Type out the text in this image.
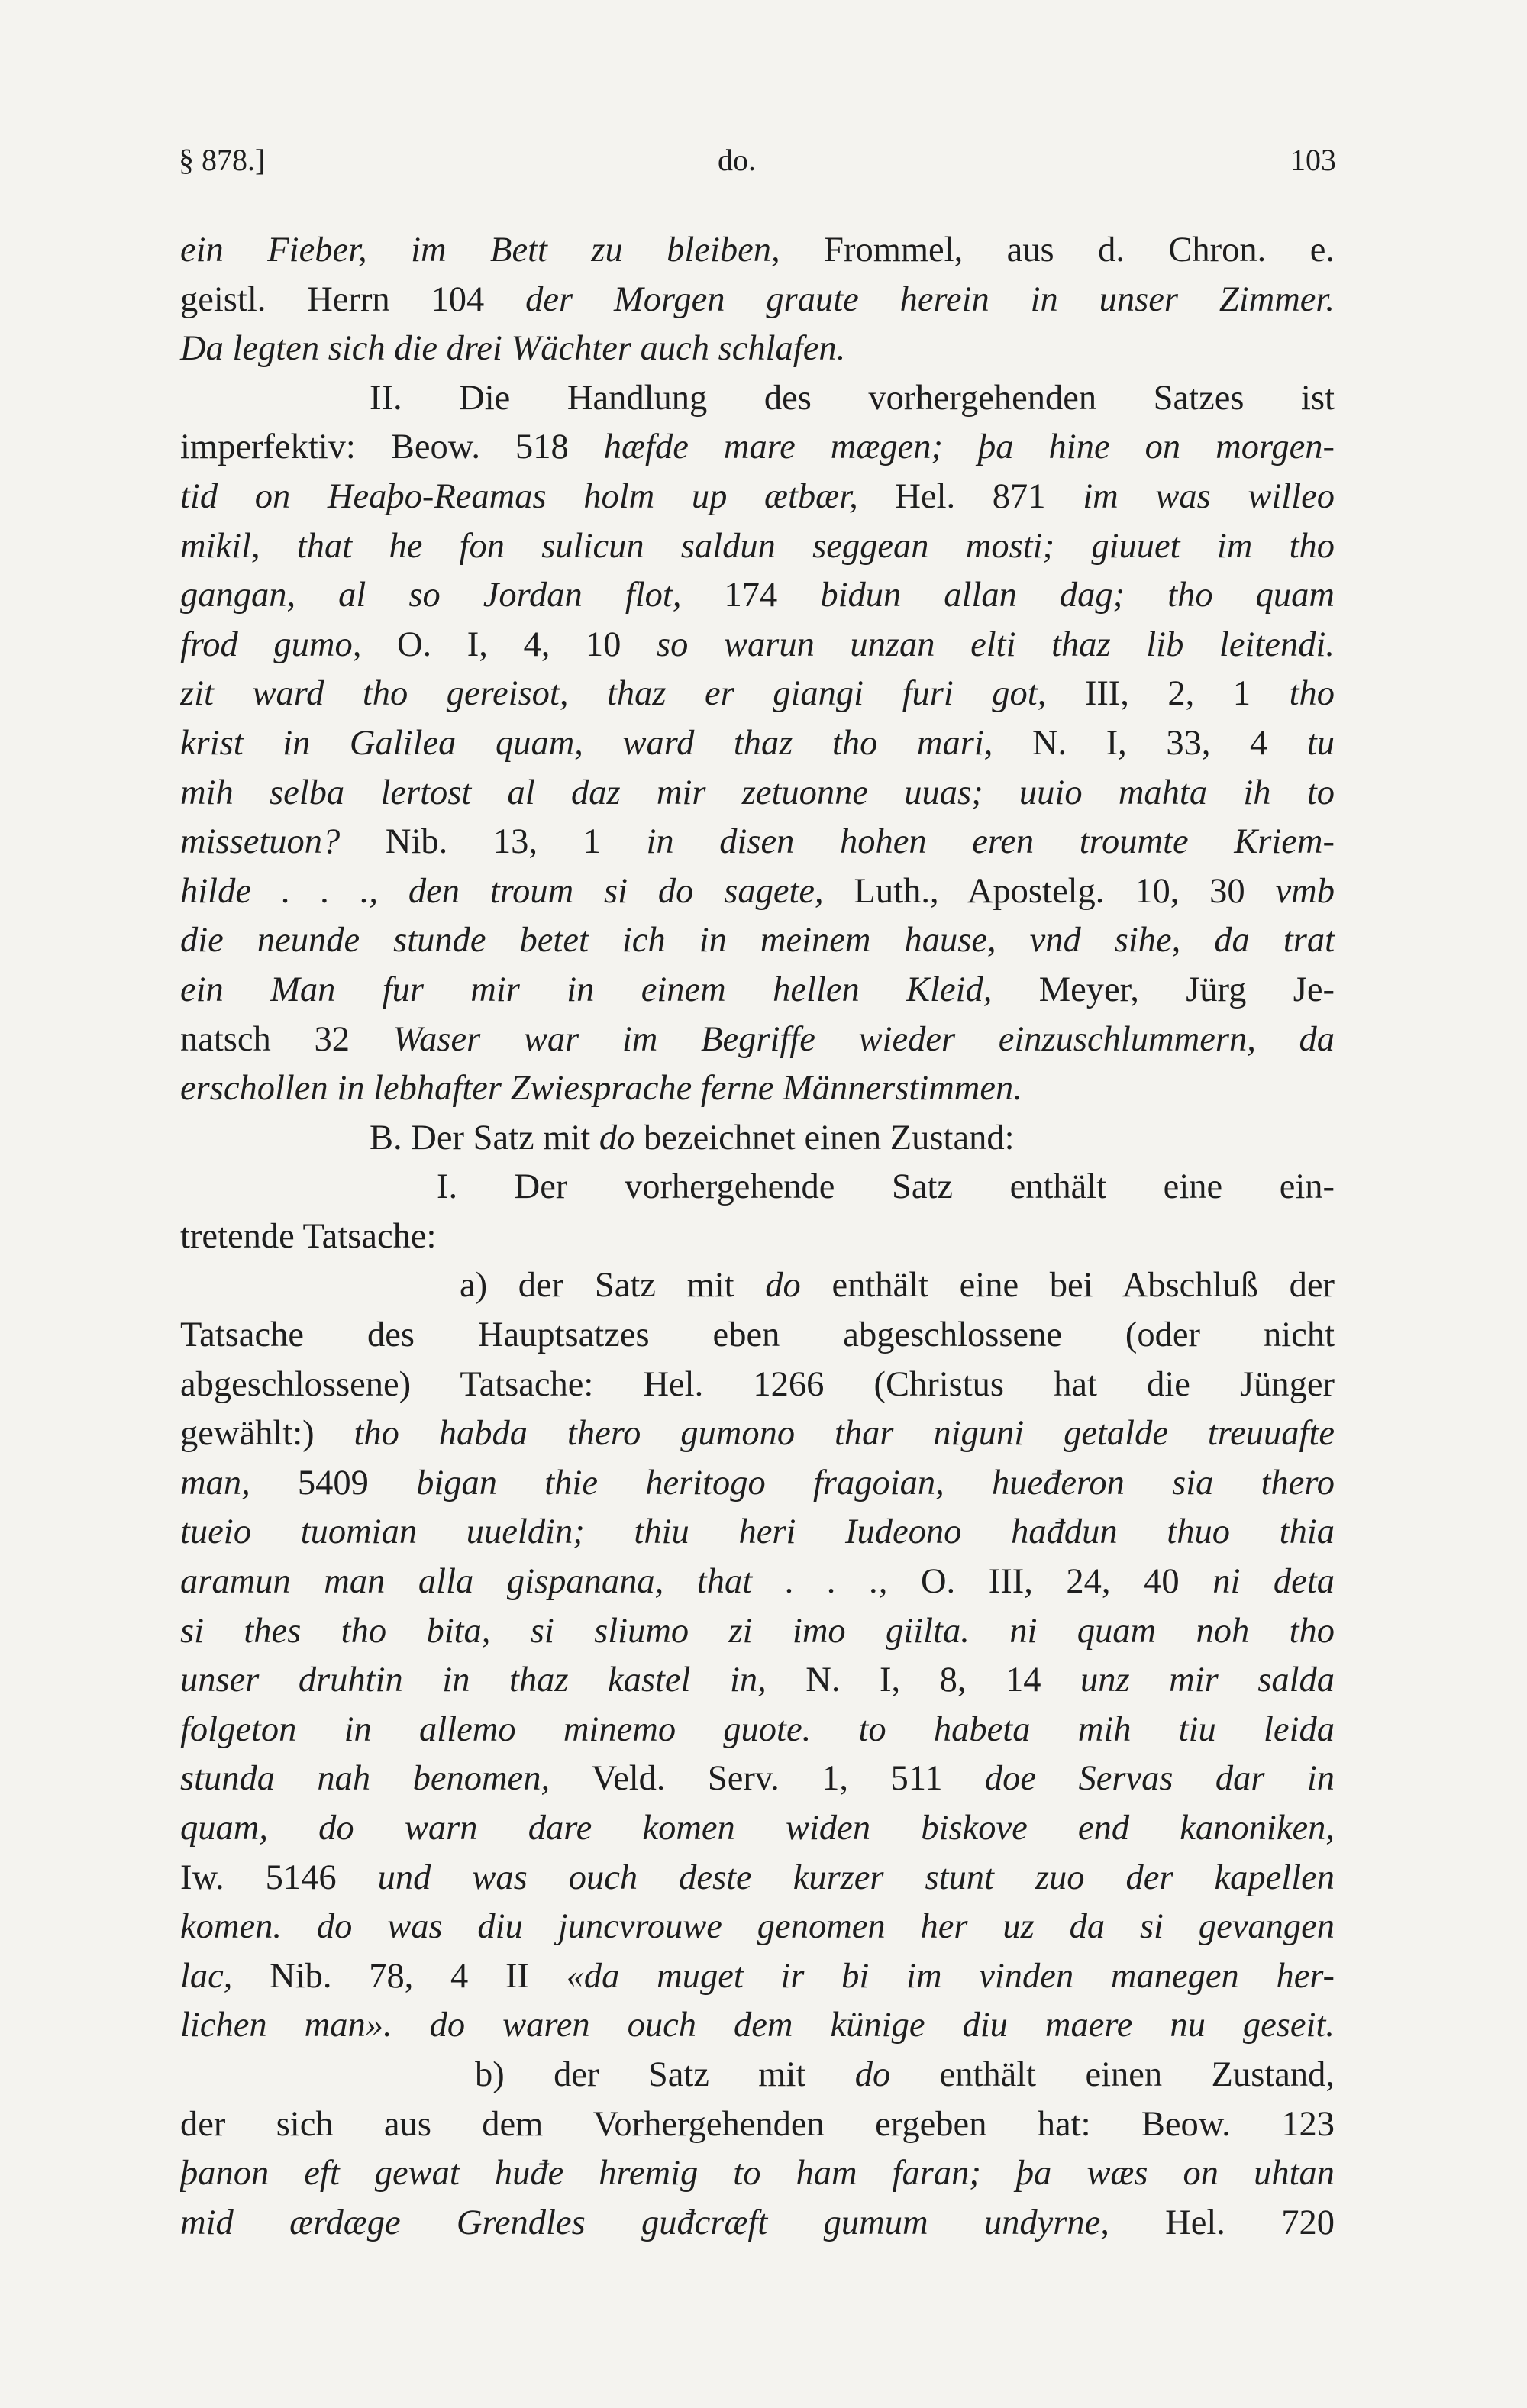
§ 878.]	do.	103
ein Fieber, im Bett zu bleiben, Frommel, aus d. Chron. e.
geistl. Herrn 104 der Morgen graute herein in unser Zimmer.
Da legten sich die drei Wächter auch schlafen.
II. Die Handlung des vorhergehenden Satzes ist
imperfektiv: Beow. 518 hæfde mare mægen; þa hine on morgen-
tid on Heaþo-Reamas holm up ætbær, Hel. 871 im was willeo
mikil, that he fon sulicun saldun seggean mosti; giuuet im tho
gangan, al so Jordan flot, 174 bidun allan dag; tho quam
frod gumo, O. I, 4, 10 so warun unzan elti thaz lib leitendi.
zit ward tho gereisot, thaz er giangi furi got, III, 2, 1 tho
krist in Galilea quam, ward thaz tho mari, N. I, 33, 4 tu
mih selba lertost al daz mir zetuonne uuas; uuio mahta ih to
missetuon? Nib. 13, 1 in disen hohen eren troumte Kriem-
hilde . . ., den troum si do sagete, Luth., Apostelg. 10, 30 vmb
die neunde stunde betet ich in meinem hause, vnd sihe, da trat
ein Man fur mir in einem hellen Kleid, Meyer, Jürg Je-
natsch 32 Waser war im Begriffe wieder einzuschlummern, da
erschollen in lebhafter Zwiesprache ferne Männerstimmen.
B. Der Satz mit do bezeichnet einen Zustand:
I. Der vorhergehende Satz enthält eine ein-
tretende Tatsache:
a) der Satz mit do enthält eine bei Abschluß der
Tatsache des Hauptsatzes eben abgeschlossene (oder nicht
abgeschlossene) Tatsache: Hel. 1266 (Christus hat die Jünger
gewählt:) tho habda thero gumono thar niguni getalde treuuafte
man, 5409 bigan thie heritogo fragoian, hueđeron sia thero
tueio tuomian uueldin; thiu heri Iudeono hađdun thuo thia
aramun man alla gispanana, that . . ., O. III, 24, 40 ni deta
si thes tho bita, si sliumo zi imo giilta. ni quam noh tho
unser druhtin in thaz kastel in, N. I, 8, 14 unz mir salda
folgeton in allemo minemo guote. to habeta mih tiu leida
stunda nah benomen, Veld. Serv. 1, 511 doe Servas dar in
quam, do warn dare komen widen biskove end kanoniken,
Iw. 5146 und was ouch deste kurzer stunt zuo der kapellen
komen. do was diu juncvrouwe genomen her uz da si gevangen
lac, Nib. 78, 4 II «da muget ir bi im vinden manegen her-
lichen man». do waren ouch dem künige diu maere nu geseit.
b) der Satz mit do enthält einen Zustand,
der sich aus dem Vorhergehenden ergeben hat: Beow. 123
þanon eft gewat huđe hremig to ham faran; þa wæs on uhtan
mid ærdæge Grendles guđcræft gumum undyrne, Hel. 720
